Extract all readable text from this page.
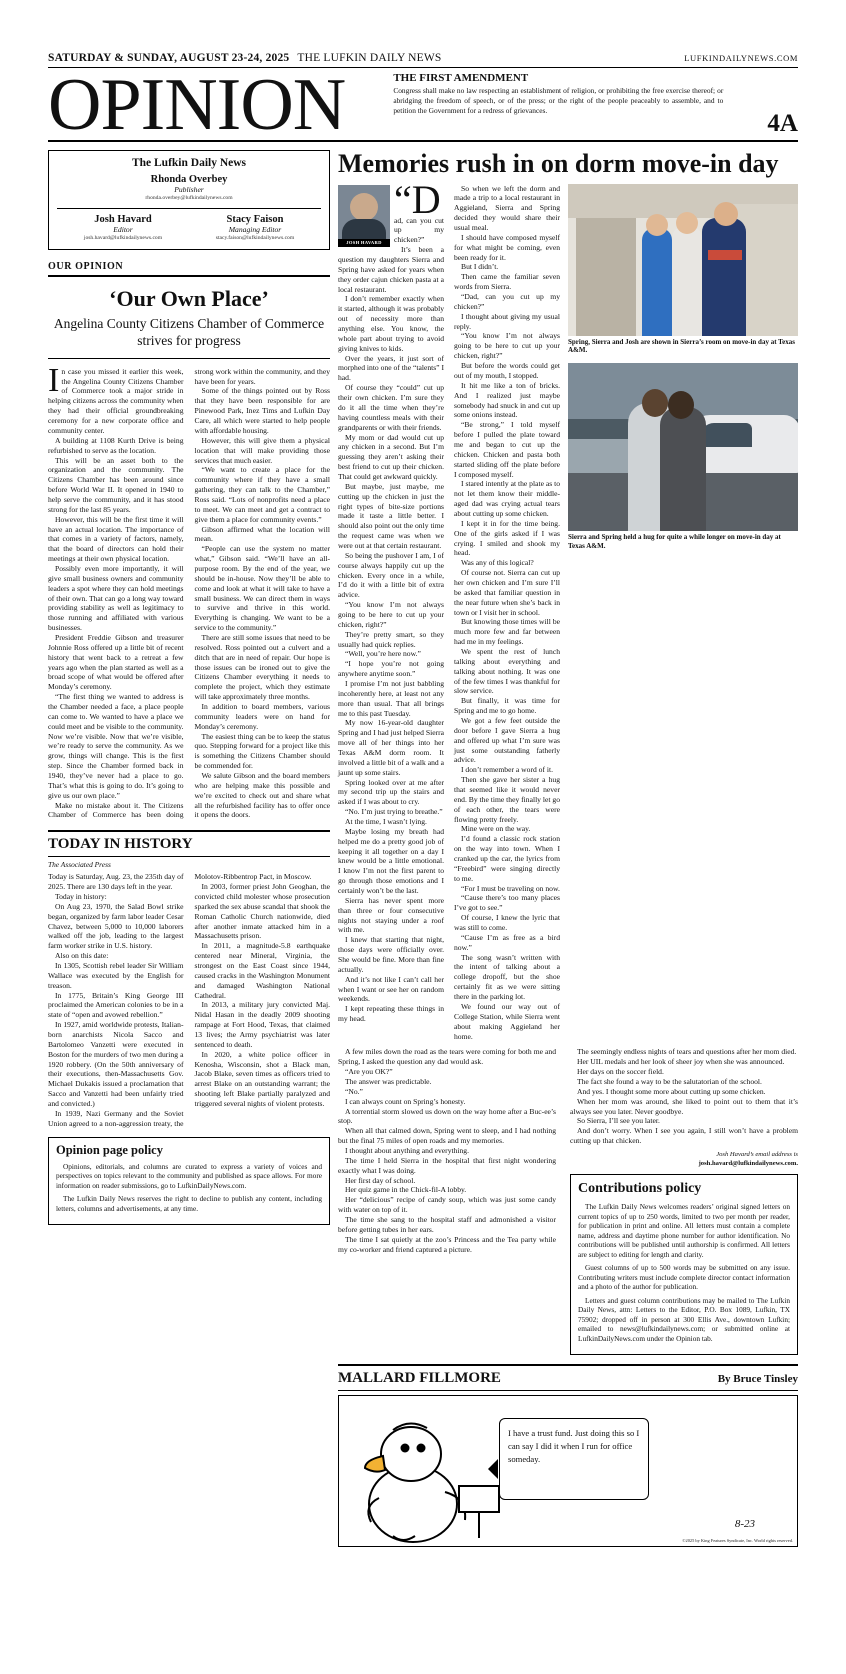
SATURDAY & SUNDAY, AUGUST 23-24, 2025 THE LUFKIN DAILY NEWS	LUFKINDAILYNEWS.COM
OPINION	THE FIRST AMENDMENT

Congress shall make no law respecting an establishment of religion, or prohibiting the free exercise thereof; or abridging the freedom of speech, or of the press; or the right of the people peaceably to assemble, and to petition the Government for a redress of grievances.

4A
The Lufkin Daily News
Rhonda Overbey
Publisher
rhonda.overbey@lufkindailynews.com
Josh Havard
Editor
josh.havard@lufkindailynews.com
Stacy Faison
Managing Editor
stacy.faison@lufkindailynews.com
OUR OPINION
‘Our Own Place’
Angelina County Citizens Chamber of Commerce strives for progress

In case you missed it earlier this week, the Angelina County Citizens Chamber of Commerce took a major stride in helping citizens across the community when they had their official groundbreaking ceremony for a new corporate office and community center.

A building at 1108 Kurth Drive is being refurbished to serve as the location.

This will be an asset both to the organization and the community. The Citizens Chamber has been around since before World War II. It opened in 1940 to help serve the community, and it has stood strong for the last 85 years.

However, this will be the first time it will have an actual location. The importance of that comes in a variety of factors, namely, that the board of directors can hold their meetings at their own physical location.

Possibly even more importantly, it will give small business owners and community leaders a spot where they can hold meetings of their own. That can go a long way toward providing stability as well as legitimacy to those running and affiliated with various businesses.

President Freddie Gibson and treasurer Johnnie Ross offered up a little bit of recent history that went back to a retreat a few years ago when the plan started as well as a broad scope of what would be offered after Monday’s ceremony.

“The first thing we wanted to address is the Chamber needed a face, a place people can come to. We wanted to have a place we could meet and be visible to the community. Now we’re visible. Now that we’re visible, we’re ready to serve the community. As we grow, things will change. This is the first step. Since the Chamber formed back in 1940, they’ve never had a place to go. That’s what this is going to do. It’s going to give us our own place.”

Make no mistake about it. The Citizens Chamber of Commerce has been doing strong work within the community, and they have been for years.

Some of the things pointed out by Ross that they have been responsible for are Pinewood Park, Inez Tims and Lufkin Day Care, all which were started to help people with affordable housing.

However, this will give them a physical location that will make providing those services that much easier.

“We want to create a place for the community where if they have a small gathering, they can talk to the Chamber,” Ross said. “Lots of nonprofits need a place to meet. We can meet and get a contract to give them a place for community events.”

Gibson affirmed what the location will mean.

“People can use the system no matter what,” Gibson said. “We’ll have an all-purpose room. By the end of the year, we should be in-house. Now they’ll be able to come and look at what it will take to have a small business. We can direct them in ways to survive and thrive in this world. Everything is changing. We want to be a service to the community.”

There are still some issues that need to be resolved. Ross pointed out a culvert and a ditch that are in need of repair. Our hope is those issues can be ironed out to give the Citizens Chamber everything it needs to complete the project, which they estimate will take approximately three months.

In addition to board members, various community leaders were on hand for Monday’s ceremony.

The easiest thing can be to keep the status quo. Stepping forward for a project like this is something the Citizens Chamber should be commended for.

We salute Gibson and the board members who are helping make this possible and we’re excited to check out and share what all the refurbished facility has to offer once it opens the doors.

TODAY IN HISTORY
The Associated Press

Today is Saturday, Aug. 23, the 235th day of 2025. There are 130 days left in the year.

Today in history:

On Aug 23, 1970, the Salad Bowl strike began, organized by farm labor leader Cesar Chavez, between 5,000 to 10,000 laborers walked off the job, leading to the largest farm worker strike in U.S. history.

Also on this date:

In 1305, Scottish rebel leader Sir William Wallace was executed by the English for treason.

In 1775, Britain’s King George III proclaimed the American colonies to be in a state of “open and avowed rebellion.”

In 1927, amid worldwide protests, Italian-born anarchists Nicola Sacco and Bartolomeo Vanzetti were executed in Boston for the murders of two men during a 1920 robbery. (On the 50th anniversary of their executions, then-Massachusetts Gov. Michael Dukakis issued a proclamation that Sacco and Vanzetti had been unfairly tried and convicted.)

In 1939, Nazi Germany and the Soviet Union agreed to a non-aggression treaty, the Molotov-Ribbentrop Pact, in Moscow.

In 2003, former priest John Geoghan, the convicted child molester whose prosecution sparked the sex abuse scandal that shook the Roman Catholic Church nationwide, died after another inmate attacked him in a Massachusetts prison.

In 2011, a magnitude-5.8 earthquake centered near Mineral, Virginia, the strongest on the East Coast since 1944, caused cracks in the Washington Monument and damaged Washington National Cathedral.

In 2013, a military jury convicted Maj. Nidal Hasan in the deadly 2009 shooting rampage at Fort Hood, Texas, that claimed 13 lives; the Army psychiatrist was later sentenced to death.

In 2020, a white police officer in Kenosha, Wisconsin, shot a Black man, Jacob Blake, seven times as officers tried to arrest Blake on an outstanding warrant; the shooting left Blake partially paralyzed and triggered several nights of violent protests.

Opinion page policy

Opinions, editorials, and columns are curated to express a variety of voices and perspectives on topics relevant to the community and published as space allows. For more information on reader submissions, go to LufkinDailyNews.com.

The Lufkin Daily News reserves the right to decline to publish any content, including letters, columns and advertisements, at any time.

Memories rush in on dorm move-in day
JOSH HAVARD

“Dad, can you cut up my chicken?”

It’s been a question my daughters Sierra and Spring have asked for years when they order cajun chicken pasta at a local restaurant.

I don’t remember exactly when it started, although it was probably out of necessity more than anything else. You know, the whole part about trying to avoid giving knives to kids.

Over the years, it just sort of morphed into one of the “talents” I had.

Of course they “could” cut up their own chicken. I’m sure they do it all the time when they’re having countless meals with their grandparents or with their friends.

My mom or dad would cut up any chicken in a second. But I’m guessing they aren’t asking their best friend to cut up their chicken. That could get awkward quickly.

But maybe, just maybe, me cutting up the chicken in just the right types of bite-size portions made it taste a little better. I should also point out the only time the request came was when we were out at that certain restaurant.

So being the pushover I am, I of course always happily cut up the chicken. Every once in a while, I’d do it with a little bit of extra advice.

“You know I’m not always going to be here to cut up your chicken, right?”

They’re pretty smart, so they usually had quick replies.

“Well, you’re here now.”

“I hope you’re not going anywhere anytime soon.”

I promise I’m not just babbling incoherently here, at least not any more than usual. That all brings me to this past Tuesday.

My now 16-year-old daughter Spring and I had just helped Sierra move all of her things into her Texas A&M dorm room. It involved a little bit of a walk and a jaunt up some stairs.

Spring looked over at me after my second trip up the stairs and asked if I was about to cry.

“No. I’m just trying to breathe.”

At the time, I wasn’t lying.

Maybe losing my breath had helped me do a pretty good job of keeping it all together on a day I knew would be a little emotional. I know I’m not the first parent to go through those emotions and I certainly won’t be the last.

Sierra has never spent more than three or four consecutive nights not staying under a roof with me.

I knew that starting that night, those days were officially over. She would be fine. More than fine actually.

And it’s not like I can’t call her when I want or see her on random weekends.

I kept repeating these things in my head.

So when we left the dorm and made a trip to a local restaurant in Aggieland, Sierra and Spring decided they would share their usual meal.

I should have composed myself for what might be coming, even been ready for it.

But I didn’t.

Then came the familiar seven words from Sierra.

“Dad, can you cut up my chicken?”

I thought about giving my usual reply.

“You know I’m not always going to be here to cut up your chicken, right?”

But before the words could get out of my mouth, I stopped.

It hit me like a ton of bricks. And I realized just maybe somebody had snuck in and cut up some onions instead.

“Be strong,” I told myself before I pulled the plate toward me and began to cut up the chicken. Chicken and pasta both started sliding off the plate before I composed myself.

I stared intently at the plate as to not let them know their middle-aged dad was crying actual tears about cutting up some chicken.

I kept it in for the time being. One of the girls asked if I was crying. I smiled and shook my head.

Was any of this logical?

Of course not. Sierra can cut up her own chicken and I’m sure I’ll be asked that familiar question in the near future when she’s back in town or I visit her in school.

But knowing those times will be much more few and far between had me in my feelings.

We spent the rest of lunch talking about everything and talking about nothing. It was one of the few times I was thankful for slow service.

But finally, it was time for Spring and me to go home.

We got a few feet outside the door before I gave Sierra a hug and offered up what I’m sure was just some outstanding fatherly advice.

I don’t remember a word of it.

Then she gave her sister a hug that seemed like it would never end. By the time they finally let go of each other, the tears were flowing pretty freely.

Mine were on the way.

I’d found a classic rock station on the way into town. When I cranked up the car, the lyrics from “Freebird” were singing directly to me.

“For I must be traveling on now.

“Cause there’s too many places I’ve got to see.”

Of course, I knew the lyric that was still to come.

“Cause I’m as free as a bird now.”

The song wasn’t written with the intent of talking about a college dropoff, but the shoe certainly fit as we were sitting there in the parking lot.

We found our way out of College Station, while Sierra went about making Aggieland her home.

Spring, Sierra and Josh are shown in Sierra’s room on move-in day at Texas A&M.
Sierra and Spring held a hug for quite a while longer on move-in day at Texas A&M.

A few miles down the road as the tears were coming for both me and Spring, I asked the question any dad would ask.

“Are you OK?”

The answer was predictable.

“No.”

I can always count on Spring’s honesty.

A torrential storm slowed us down on the way home after a Buc-ee’s stop.

When all that calmed down, Spring went to sleep, and I had nothing but the final 75 miles of open roads and my memories.

I thought about anything and everything.

The time I held Sierra in the hospital that first night wondering exactly what I was doing.

Her first day of school.

Her quiz game in the Chick-fil-A lobby.

Her “delicious” recipe of candy soup, which was just some candy with water on top of it.

The time she sang to the hospital staff and admonished a visitor before getting tubes in her ears.

The time I sat quietly at the zoo’s Princess and the Tea party while my co-worker and friend captured a picture.

The seemingly endless nights of tears and questions after her mom died.

Her UIL medals and her look of sheer joy when she was announced.

Her days on the soccer field.

The fact she found a way to be the salutatorian of the school.

And yes. I thought some more about cutting up some chicken.

When her mom was around, she liked to point out to them that it’s always see you later. Never goodbye.

So Sierra, I’ll see you later.

And don’t worry. When I see you again, I still won’t have a problem cutting up that chicken.

Josh Havard’s email address is
josh.havard@lufkindailynews.com.
Contributions policy

The Lufkin Daily News welcomes readers’ original signed letters on current topics of up to 250 words, limited to two per month per reader, for publication in print and online. All letters must contain a complete name, address and daytime phone number for author identification. No contributions will be published until authorship is confirmed. All letters are subject to editing for length and clarity.

Guest columns of up to 500 words may be submitted on any issue. Contributing writers must include complete director contact information and a photo of the author for publication.

Letters and guest column contributions may be mailed to The Lufkin Daily News, attn: Letters to the Editor, P.O. Box 1089, Lufkin, TX 75902; dropped off in person at 300 Ellis Ave., downtown Lufkin; emailed to news@lufkindailynews.com; or submitted online at LufkinDailyNews.com under the Opinion tab.

MALLARD FILLMORE	By Bruce Tinsley
I have a trust fund. Just doing this so I can say I did it when I run for office someday.
8-23
©2025 by King Features Syndicate, Inc. World rights reserved.
